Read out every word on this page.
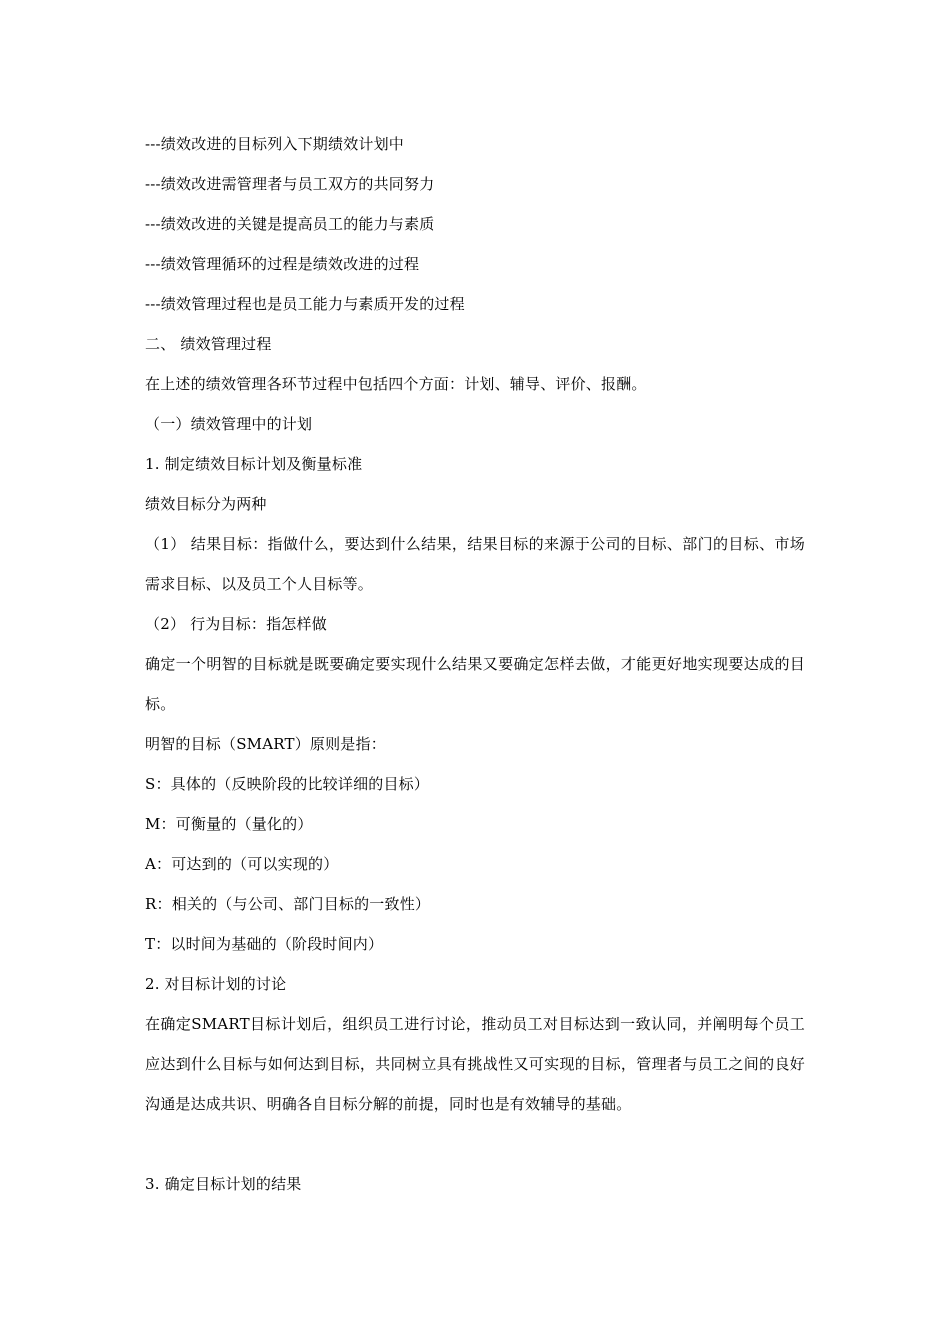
---绩效改进的目标列入下期绩效计划中
---绩效改进需管理者与员工双方的共同努力
---绩效改进的关键是提高员工的能力与素质
---绩效管理循环的过程是绩效改进的过程
---绩效管理过程也是员工能力与素质开发的过程
二、 绩效管理过程
在上述的绩效管理各环节过程中包括四个方面：计划、辅导、评价、报酬。
（一）绩效管理中的计划
1. 制定绩效目标计划及衡量标准
绩效目标分为两种
（1） 结果目标：指做什么，要达到什么结果，结果目标的来源于公司的目标、部门的目标、市场需求目标、以及员工个人目标等。
（2） 行为目标：指怎样做
确定一个明智的目标就是既要确定要实现什么结果又要确定怎样去做，才能更好地实现要达成的目标。
明智的目标（SMART）原则是指：
S：具体的（反映阶段的比较详细的目标）
M：可衡量的（量化的）
A：可达到的（可以实现的）
R：相关的（与公司、部门目标的一致性）
T：以时间为基础的（阶段时间内）
2. 对目标计划的讨论
在确定SMART目标计划后，组织员工进行讨论，推动员工对目标达到一致认同，并阐明每个员工应达到什么目标与如何达到目标，共同树立具有挑战性又可实现的目标，管理者与员工之间的良好沟通是达成共识、明确各自目标分解的前提，同时也是有效辅导的基础。
3. 确定目标计划的结果
